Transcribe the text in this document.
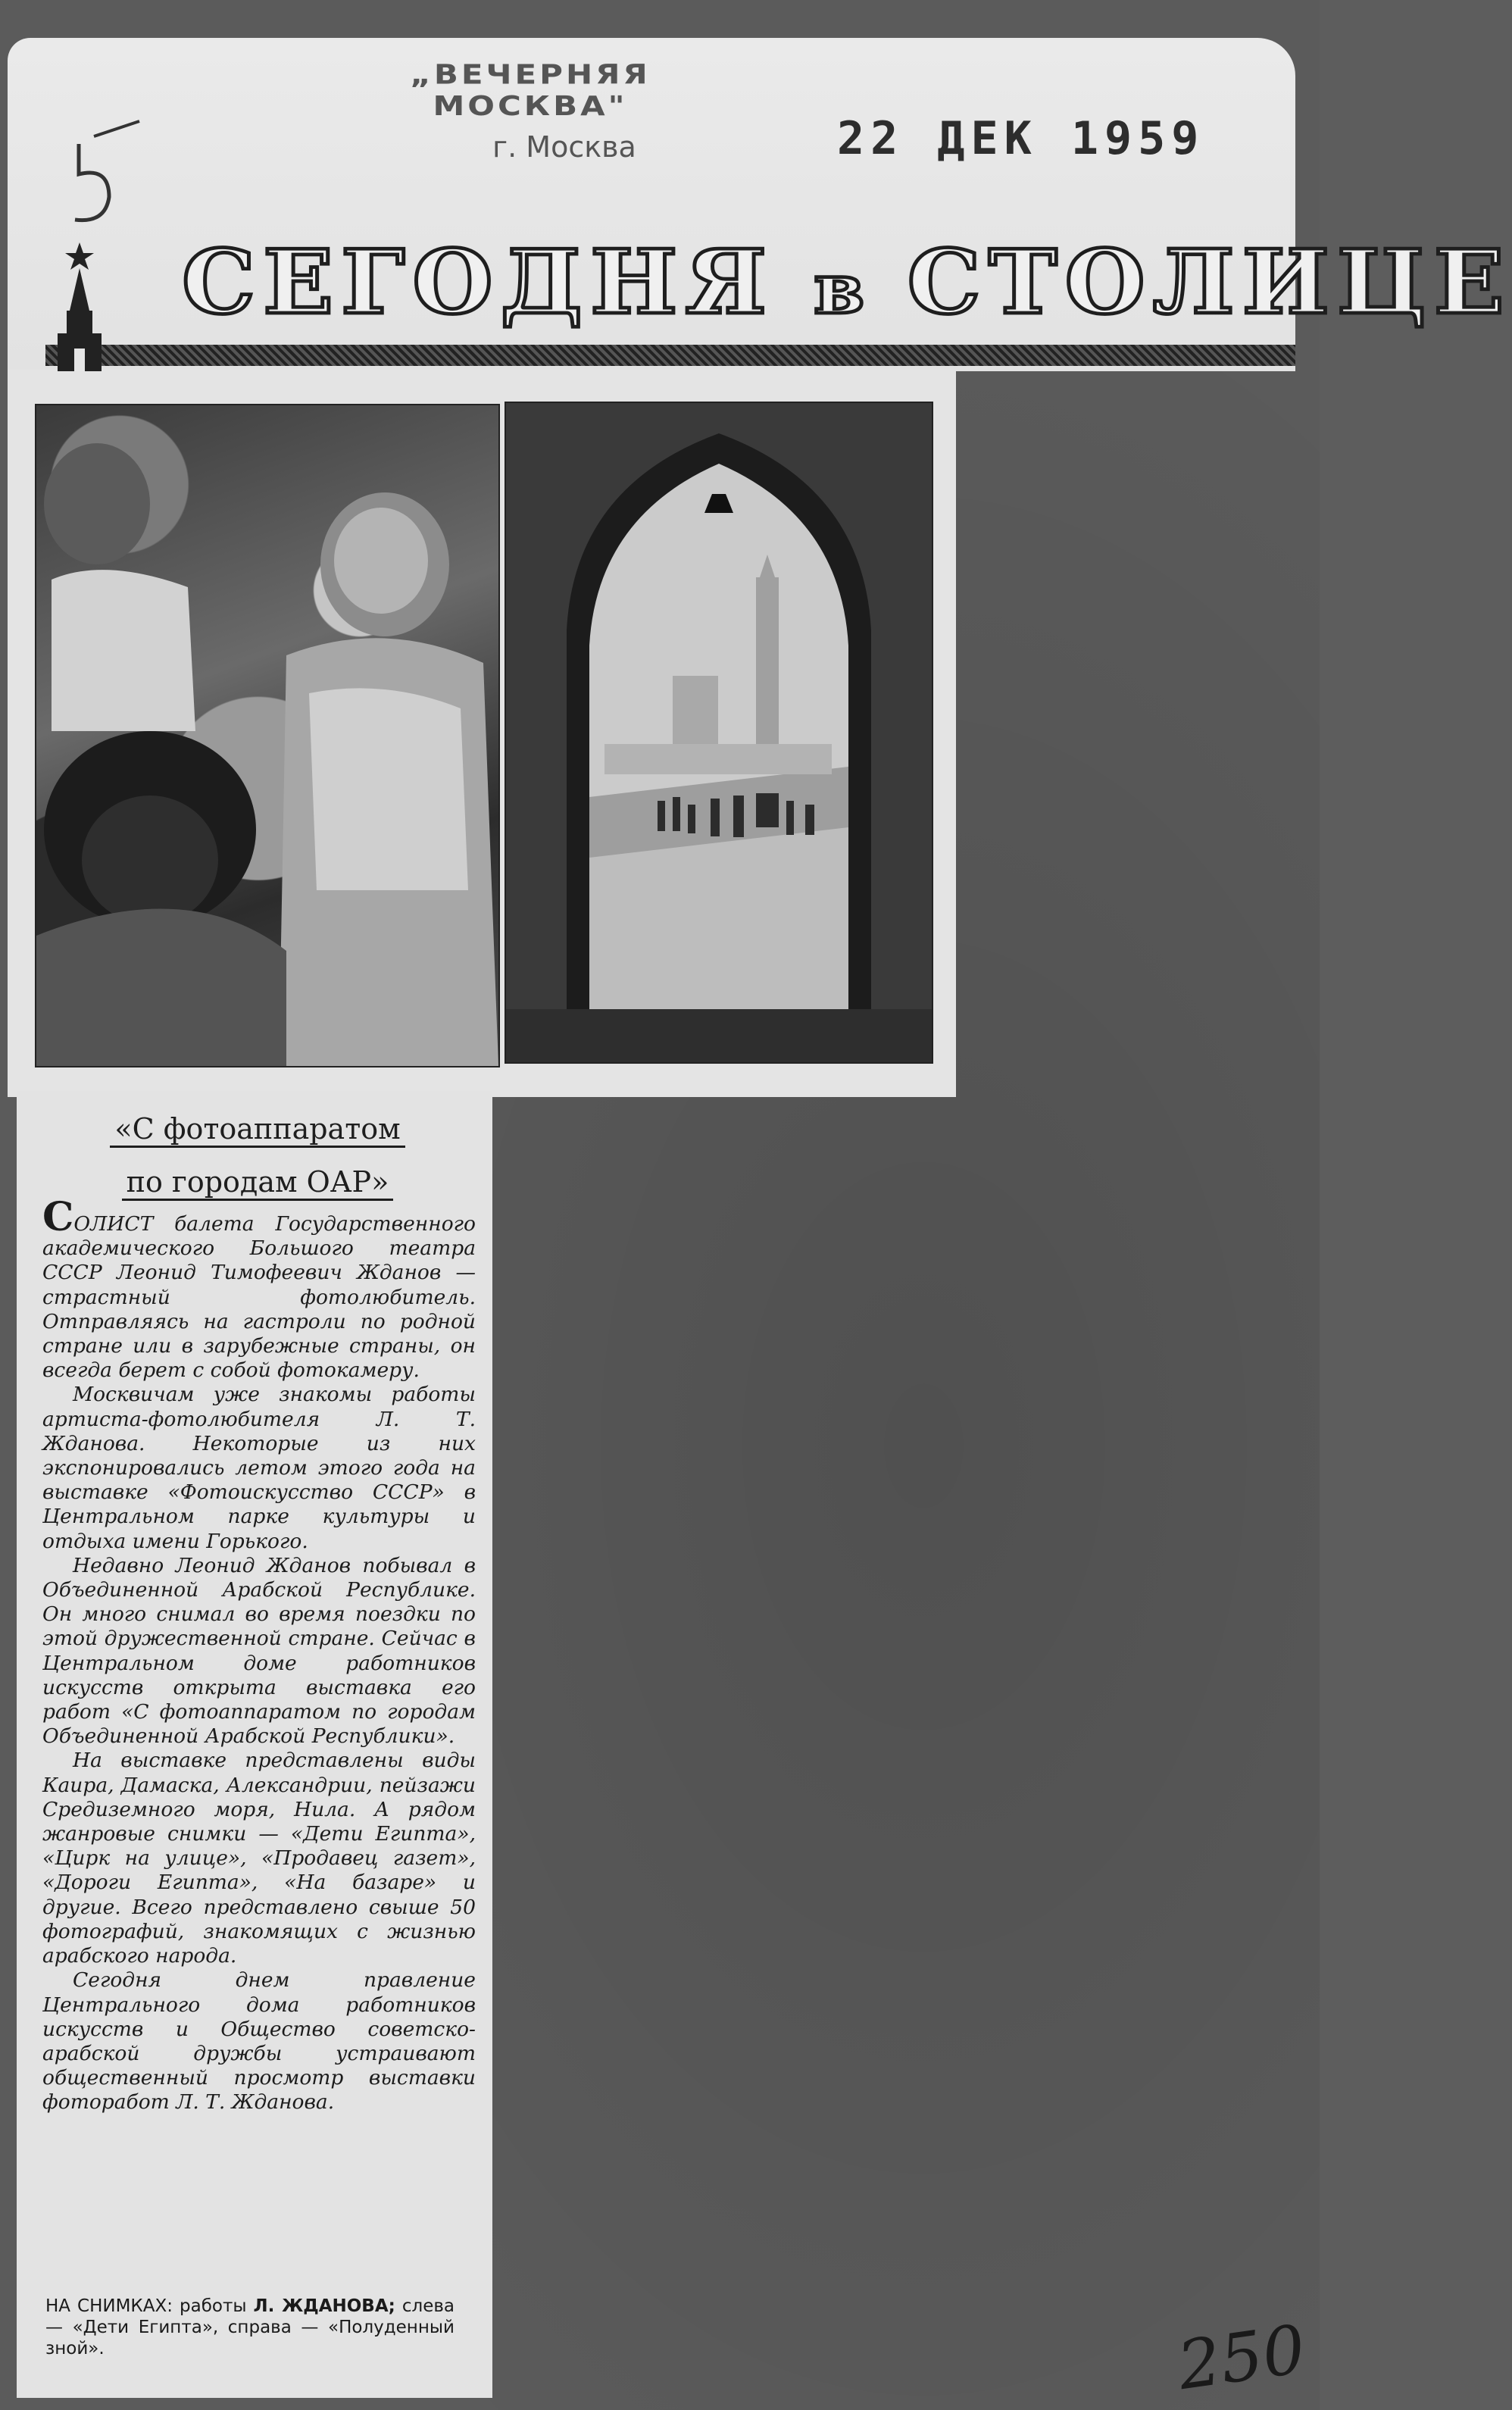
„ВЕЧЕРНЯЯ МОСКВА"
г. Москва	22 ДЕК 1959
СЕГОДНЯ в СТОЛИЦЕ
«С фотоаппаратом
по городам ОАР»

СОЛИСТ балета Государственного академического Большого театра СССР Леонид Тимофеевич Жданов — страстный фотолюбитель. Отправляясь на гастроли по родной стране или в зарубежные страны, он всегда берет с собой фотокамеру.

Москвичам уже знакомы работы артиста-фотолюбителя Л. Т. Жданова. Некоторые из них экспонировались летом этого года на выставке «Фотоискусство СССР» в Центральном парке культуры и отдыха имени Горького.

Недавно Леонид Жданов побывал в Объединенной Арабской Республике. Он много снимал во время поездки по этой дружественной стране. Сейчас в Центральном доме работников искусств открыта выставка его работ «С фотоаппаратом по городам Объединенной Арабской Республики».

На выставке представлены виды Каира, Дамаска, Александрии, пейзажи Средиземного моря, Нила. А рядом жанровые снимки — «Дети Египта», «Цирк на улице», «Продавец газет», «Дороги Египта», «На базаре» и другие. Всего представлено свыше 50 фотографий, знакомящих с жизнью арабского народа.

Сегодня днем правление Центрального дома работников искусств и Общество советско-арабской дружбы устраивают общественный просмотр выставки фоторабот Л. Т. Жданова.

НА СНИМКАХ: работы Л. ЖДАНОВА; слева — «Дети Египта», справа — «Полуденный зной».	250
